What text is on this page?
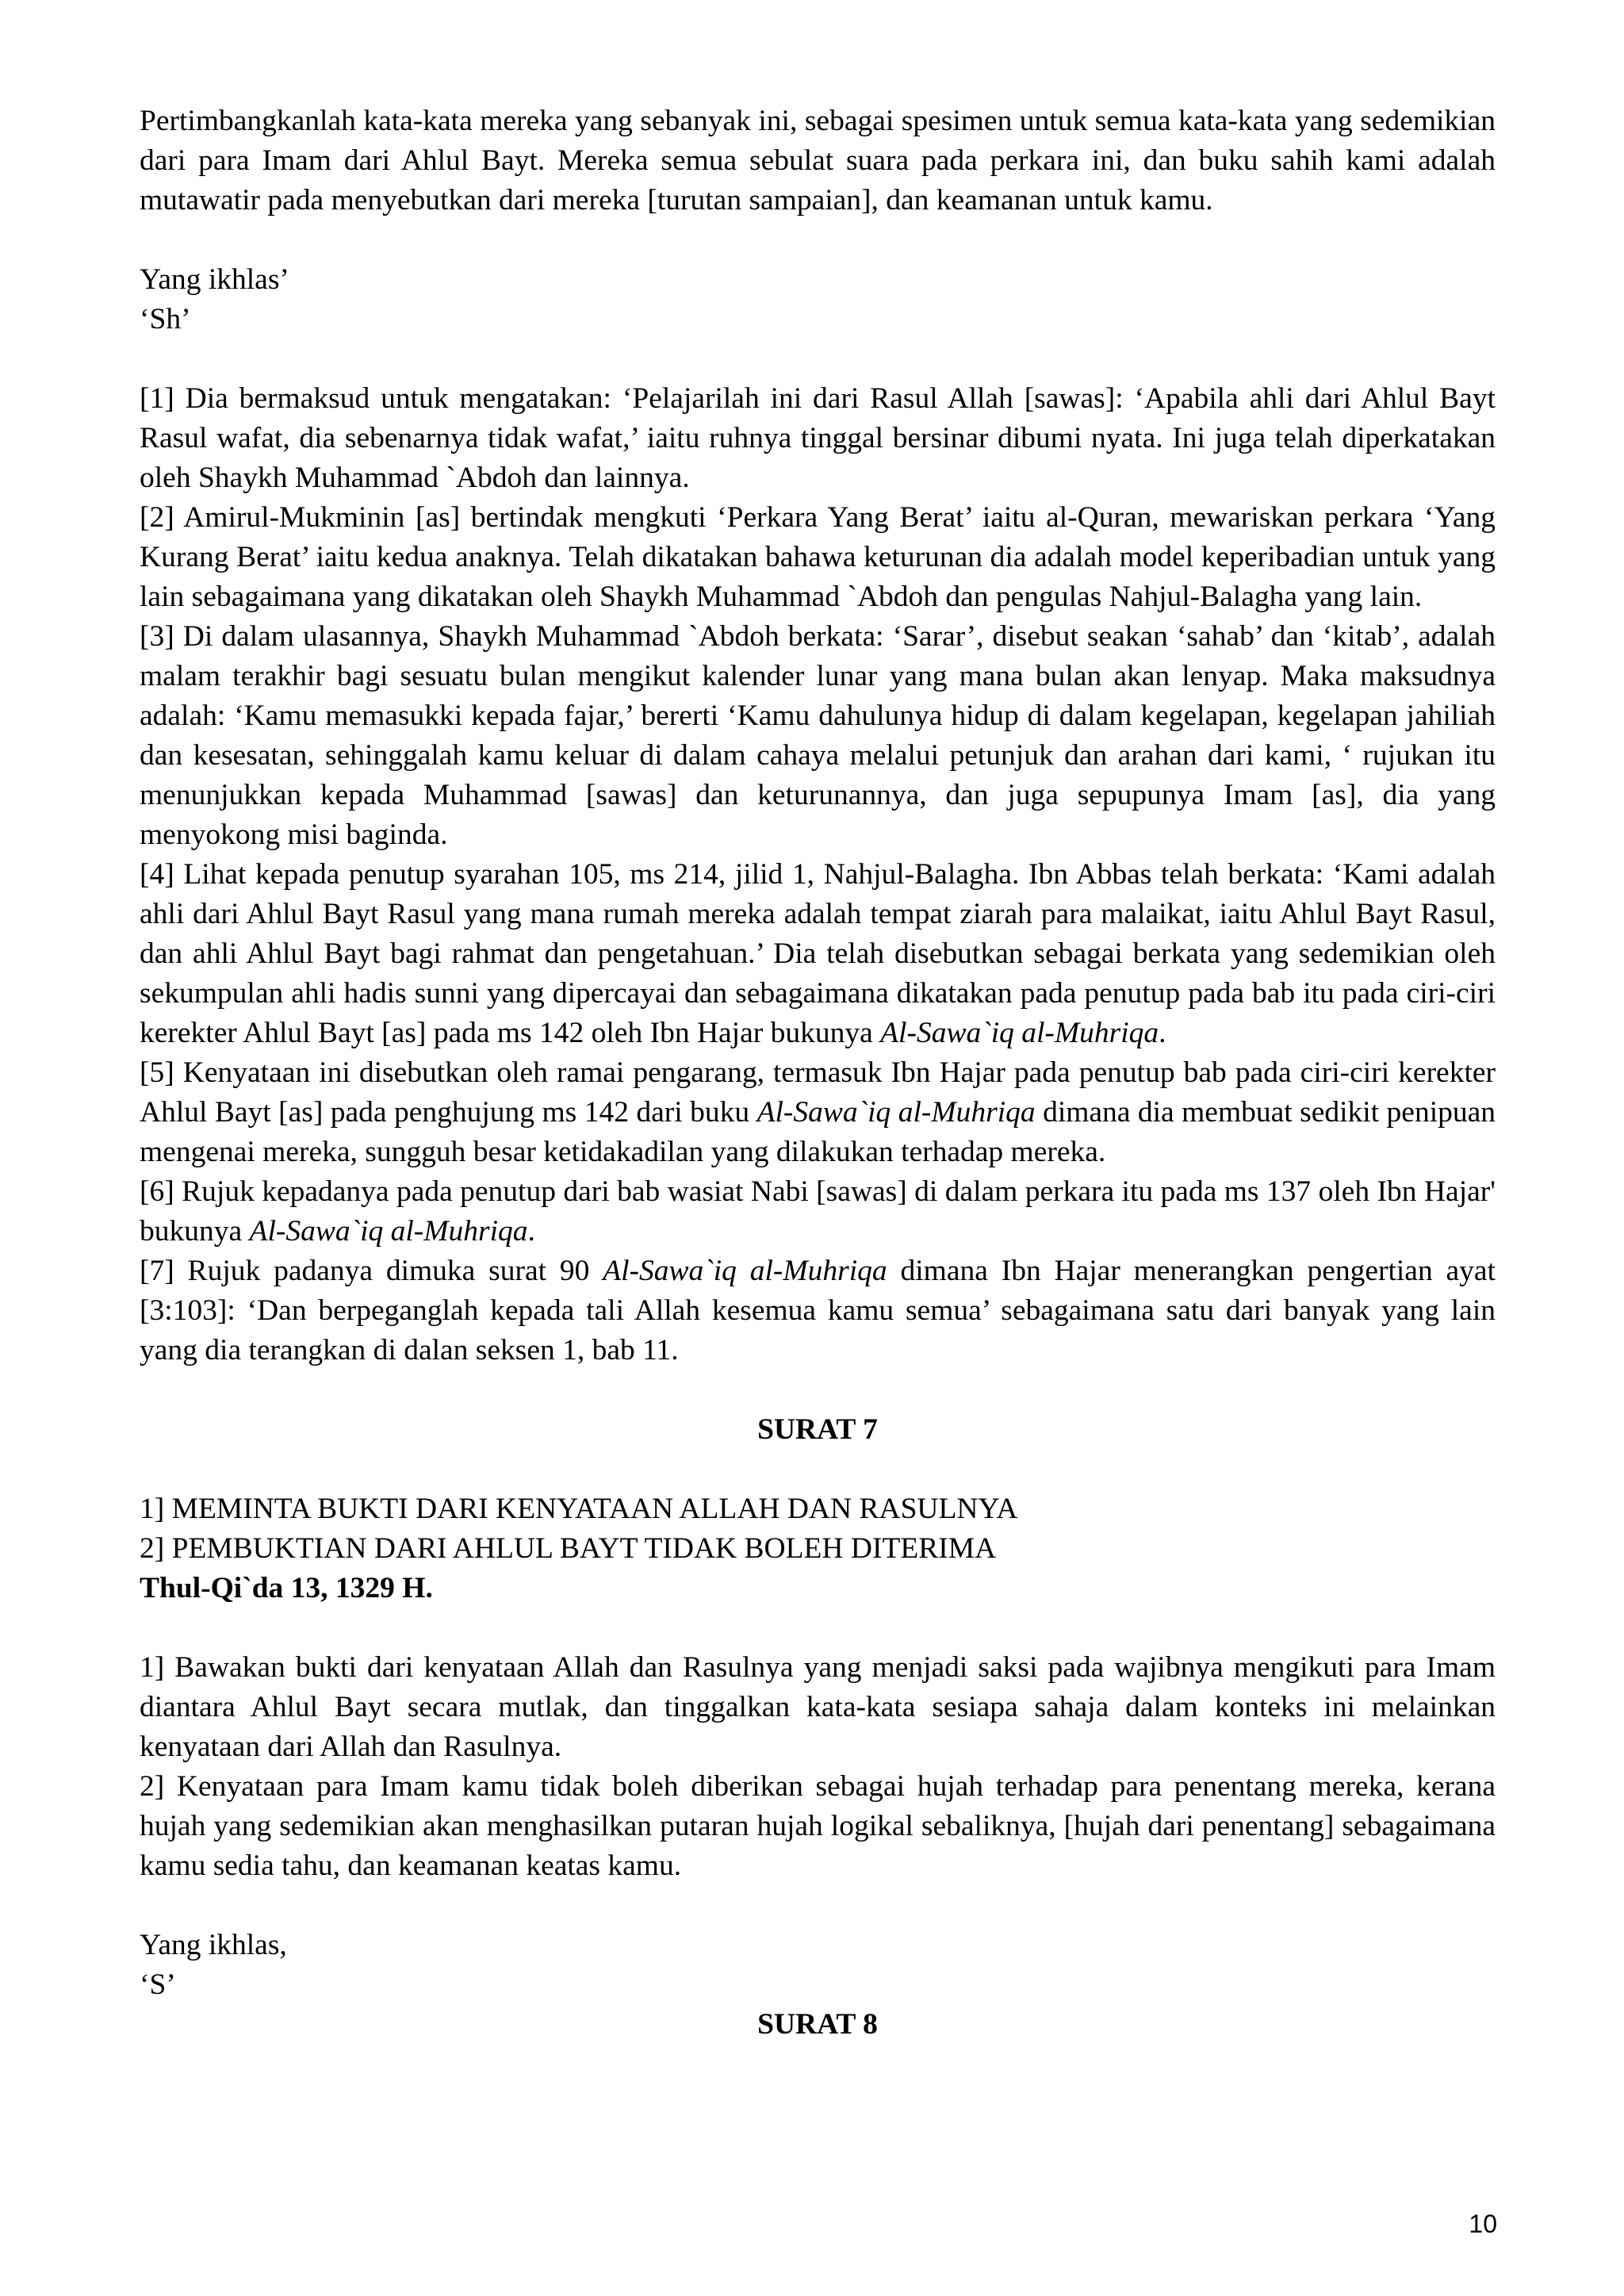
Pertimbangkanlah kata-kata mereka yang sebanyak ini, sebagai spesimen untuk semua kata-kata yang sedemikian dari para Imam dari Ahlul Bayt. Mereka semua sebulat suara pada perkara ini, dan buku sahih kami adalah mutawatir pada menyebutkan dari mereka [turutan sampaian], dan keamanan untuk kamu.

Yang ikhlas’

‘Sh’

[1] Dia bermaksud untuk mengatakan: ‘Pelajarilah ini dari Rasul Allah [sawas]: ‘Apabila ahli dari Ahlul Bayt Rasul wafat, dia sebenarnya tidak wafat,’ iaitu ruhnya tinggal bersinar dibumi nyata. Ini juga telah diperkatakan oleh Shaykh Muhammad `Abdoh dan lainnya.

[2] Amirul-Mukminin [as] bertindak mengkuti ‘Perkara Yang Berat’ iaitu al-Quran, mewariskan perkara ‘Yang Kurang Berat’ iaitu kedua anaknya. Telah dikatakan bahawa keturunan dia adalah model keperibadian untuk yang lain sebagaimana yang dikatakan oleh Shaykh Muhammad `Abdoh dan pengulas Nahjul-Balagha yang lain.

[3] Di dalam ulasannya, Shaykh Muhammad `Abdoh berkata: ‘Sarar’, disebut seakan ‘sahab’ dan ‘kitab’, adalah malam terakhir bagi sesuatu bulan mengikut kalender lunar yang mana bulan akan lenyap. Maka maksudnya adalah: ‘Kamu memasukki kepada fajar,’ bererti ‘Kamu dahulunya hidup di dalam kegelapan, kegelapan jahiliah dan kesesatan, sehinggalah kamu keluar di dalam cahaya melalui petunjuk dan arahan dari kami, ‘ rujukan itu menunjukkan kepada Muhammad [sawas] dan keturunannya, dan juga sepupunya Imam [as], dia yang menyokong misi baginda.

[4] Lihat kepada penutup syarahan 105, ms 214, jilid 1, Nahjul-Balagha. Ibn Abbas telah berkata: ‘Kami adalah ahli dari Ahlul Bayt Rasul yang mana rumah mereka adalah tempat ziarah para malaikat, iaitu Ahlul Bayt Rasul, dan ahli Ahlul Bayt bagi rahmat dan pengetahuan.’ Dia telah disebutkan sebagai berkata yang sedemikian oleh sekumpulan ahli hadis sunni yang dipercayai dan sebagaimana dikatakan pada penutup pada bab itu pada ciri-ciri kerekter Ahlul Bayt [as] pada ms 142 oleh Ibn Hajar bukunya Al-Sawa`iq al-Muhriqa.

[5] Kenyataan ini disebutkan oleh ramai pengarang, termasuk Ibn Hajar pada penutup bab pada ciri-ciri kerekter Ahlul Bayt [as] pada penghujung ms 142 dari buku Al-Sawa`iq al-Muhriqa dimana dia membuat sedikit penipuan mengenai mereka, sungguh besar ketidakadilan yang dilakukan terhadap mereka.

[6] Rujuk kepadanya pada penutup dari bab wasiat Nabi [sawas] di dalam perkara itu pada ms 137 oleh Ibn Hajar' bukunya Al-Sawa`iq al-Muhriqa.

[7] Rujuk padanya dimuka surat 90 Al-Sawa`iq al-Muhriqa dimana Ibn Hajar menerangkan pengertian ayat [3:103]: ‘Dan berpeganglah kepada tali Allah kesemua kamu semua’ sebagaimana satu dari banyak yang lain yang dia terangkan di dalan seksen 1, bab 11.

SURAT 7

1] MEMINTA BUKTI DARI KENYATAAN ALLAH DAN RASULNYA

2] PEMBUKTIAN DARI AHLUL BAYT TIDAK BOLEH DITERIMA

Thul-Qi`da 13, 1329 H.

1] Bawakan bukti dari kenyataan Allah dan Rasulnya yang menjadi saksi pada wajibnya mengikuti para Imam diantara Ahlul Bayt secara mutlak, dan tinggalkan kata-kata sesiapa sahaja dalam konteks ini melainkan kenyataan dari Allah dan Rasulnya.

2] Kenyataan para Imam kamu tidak boleh diberikan sebagai hujah terhadap para penentang mereka, kerana hujah yang sedemikian akan menghasilkan putaran hujah logikal sebaliknya, [hujah dari penentang] sebagaimana kamu sedia tahu, dan keamanan keatas kamu.

Yang ikhlas,

‘S’

SURAT 8

10
